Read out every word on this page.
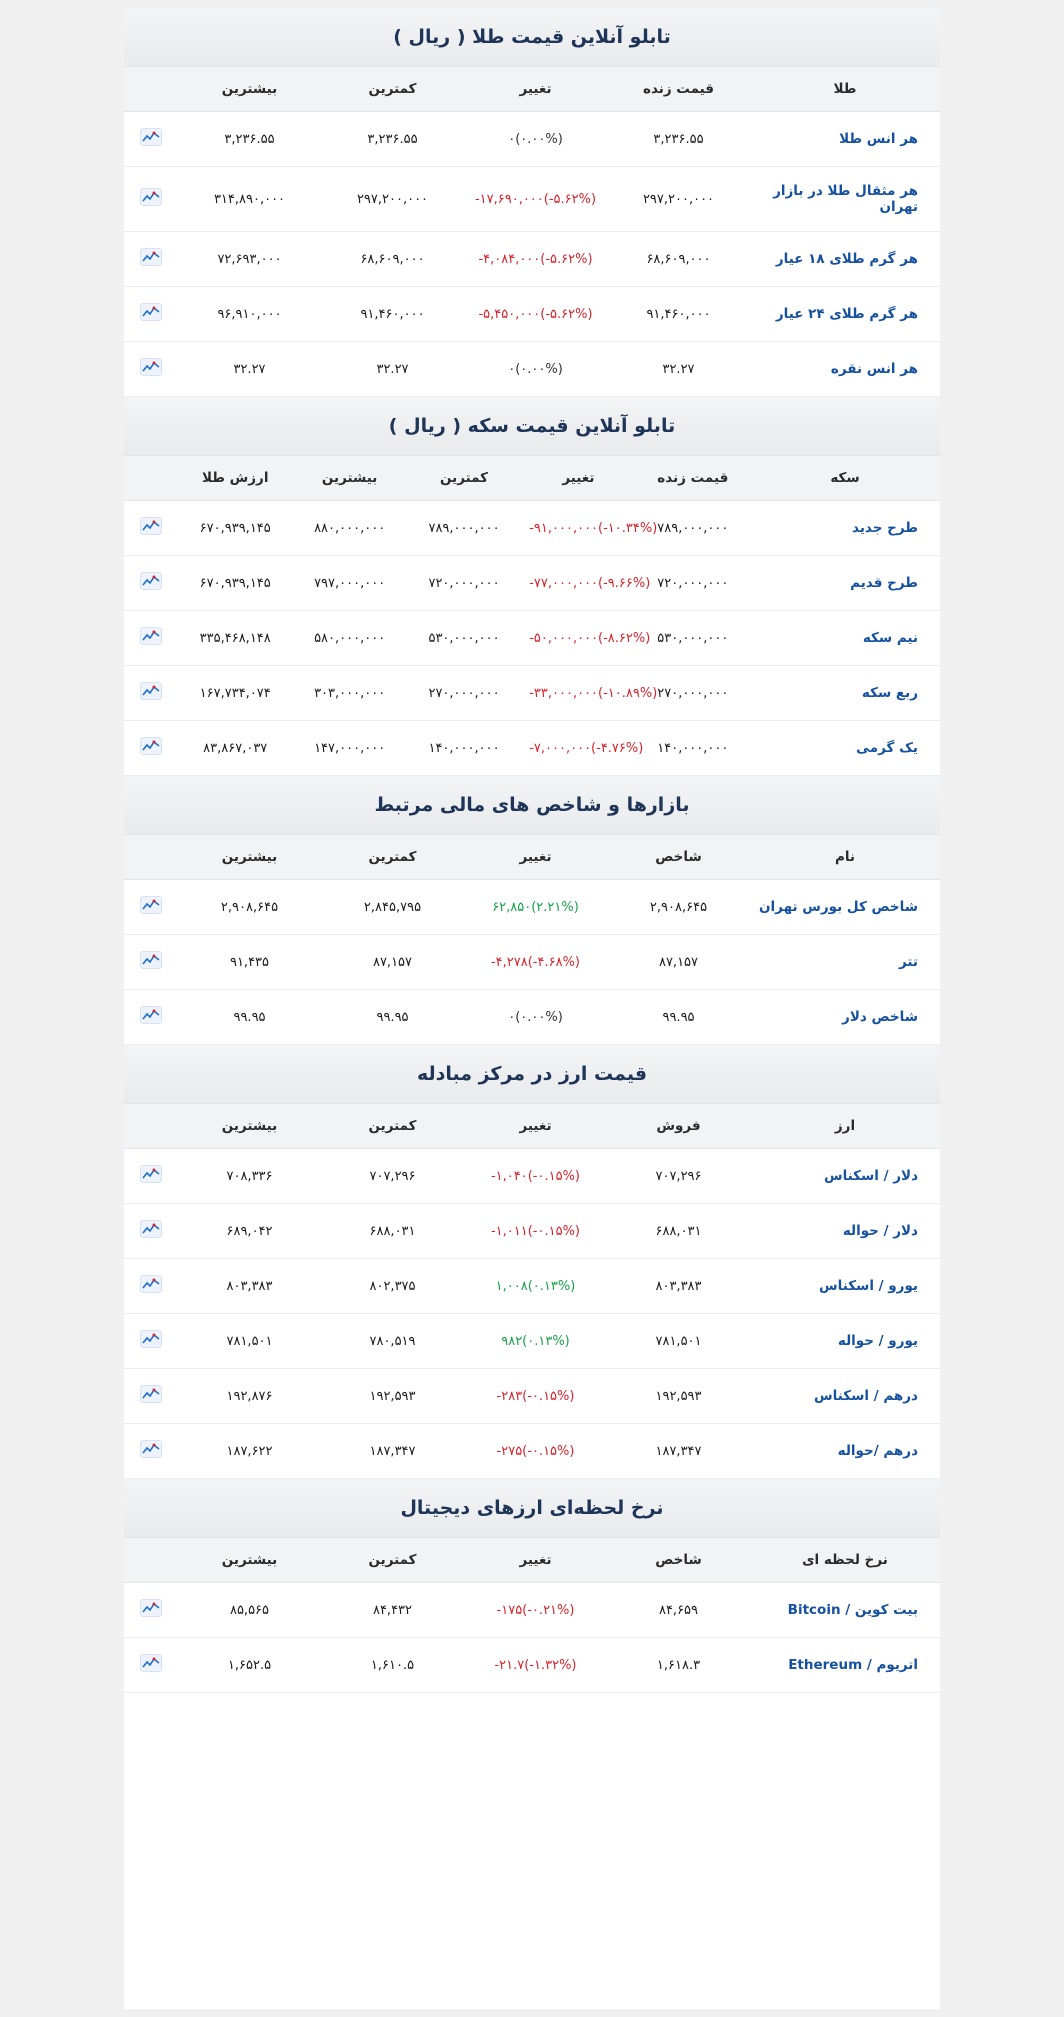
تابلو آنلاین قیمت طلا ( ریال )
طلا	قیمت زنده	تغییر	کمترین	بیشترین	
هر انس طلا	۳,۲۳۶.۵۵	۰(۰.۰۰%)	۳,۲۳۶.۵۵	۳,۲۳۶.۵۵	

هر مثقال طلا در بازار تهران	۲۹۷,۲۰۰,۰۰۰	-۱۷,۶۹۰,۰۰۰(-۵.۶۲%)	۲۹۷,۲۰۰,۰۰۰	۳۱۴,۸۹۰,۰۰۰	

هر گرم طلای ۱۸ عیار	۶۸,۶۰۹,۰۰۰	-۴,۰۸۴,۰۰۰(-۵.۶۲%)	۶۸,۶۰۹,۰۰۰	۷۲,۶۹۳,۰۰۰	

هر گرم طلای ۲۴ عیار	۹۱,۴۶۰,۰۰۰	-۵,۴۵۰,۰۰۰(-۵.۶۲%)	۹۱,۴۶۰,۰۰۰	۹۶,۹۱۰,۰۰۰	

هر انس نقره	۳۲.۲۷	۰(۰.۰۰%)	۳۲.۲۷	۳۲.۲۷	
تابلو آنلاین قیمت سکه ( ریال )
سکه	قیمت زنده	تغییر	کمترین	بیشترین	ارزش طلا	
طرح جدید	۷۸۹,۰۰۰,۰۰۰	-۹۱,۰۰۰,۰۰۰(-۱۰.۳۴%)	۷۸۹,۰۰۰,۰۰۰	۸۸۰,۰۰۰,۰۰۰	۶۷۰,۹۳۹,۱۴۵	

طرح قدیم	۷۲۰,۰۰۰,۰۰۰	-۷۷,۰۰۰,۰۰۰(-۹.۶۶%)	۷۲۰,۰۰۰,۰۰۰	۷۹۷,۰۰۰,۰۰۰	۶۷۰,۹۳۹,۱۴۵	

نیم سکه	۵۳۰,۰۰۰,۰۰۰	-۵۰,۰۰۰,۰۰۰(-۸.۶۲%)	۵۳۰,۰۰۰,۰۰۰	۵۸۰,۰۰۰,۰۰۰	۳۳۵,۴۶۸,۱۴۸	

ربع سکه	۲۷۰,۰۰۰,۰۰۰	-۳۳,۰۰۰,۰۰۰(-۱۰.۸۹%)	۲۷۰,۰۰۰,۰۰۰	۳۰۳,۰۰۰,۰۰۰	۱۶۷,۷۳۴,۰۷۴	

یک گرمی	۱۴۰,۰۰۰,۰۰۰	-۷,۰۰۰,۰۰۰(-۴.۷۶%)	۱۴۰,۰۰۰,۰۰۰	۱۴۷,۰۰۰,۰۰۰	۸۳,۸۶۷,۰۳۷	
بازارها و شاخص های مالی مرتبط
نام	شاخص	تغییر	کمترین	بیشترین	
شاخص کل بورس تهران	۲,۹۰۸,۶۴۵	۶۲,۸۵۰(۲.۲۱%)	۲,۸۴۵,۷۹۵	۲,۹۰۸,۶۴۵	

تتر	۸۷,۱۵۷	-۴,۲۷۸(-۴.۶۸%)	۸۷,۱۵۷	۹۱,۴۳۵	

شاخص دلار	۹۹.۹۵	۰(۰.۰۰%)	۹۹.۹۵	۹۹.۹۵	
قیمت ارز در مرکز مبادله
ارز	فروش	تغییر	کمترین	بیشترین	
دلار / اسکناس	۷۰۷,۲۹۶	-۱,۰۴۰(-۰.۱۵%)	۷۰۷,۲۹۶	۷۰۸,۳۳۶	

دلار / حواله	۶۸۸,۰۳۱	-۱,۰۱۱(-۰.۱۵%)	۶۸۸,۰۳۱	۶۸۹,۰۴۲	

یورو / اسکناس	۸۰۳,۳۸۳	۱,۰۰۸(۰.۱۳%)	۸۰۲,۳۷۵	۸۰۳,۳۸۳	

یورو / حواله	۷۸۱,۵۰۱	۹۸۲(۰.۱۳%)	۷۸۰,۵۱۹	۷۸۱,۵۰۱	

درهم / اسکناس	۱۹۲,۵۹۳	-۲۸۳(-۰.۱۵%)	۱۹۲,۵۹۳	۱۹۲,۸۷۶	

درهم /حواله	۱۸۷,۳۴۷	-۲۷۵(-۰.۱۵%)	۱۸۷,۳۴۷	۱۸۷,۶۲۲	
نرخ لحظه‌ای ارزهای دیجیتال
نرخ لحظه ای	شاخص	تغییر	کمترین	بیشترین	
بیت کوین / Bitcoin	۸۴,۶۵۹	-۱۷۵(-۰.۲۱%)	۸۴,۴۳۲	۸۵,۵۶۵	

اتریوم / Ethereum	۱,۶۱۸.۳	-۲۱.۷(-۱.۳۲%)	۱,۶۱۰.۵	۱,۶۵۲.۵	
